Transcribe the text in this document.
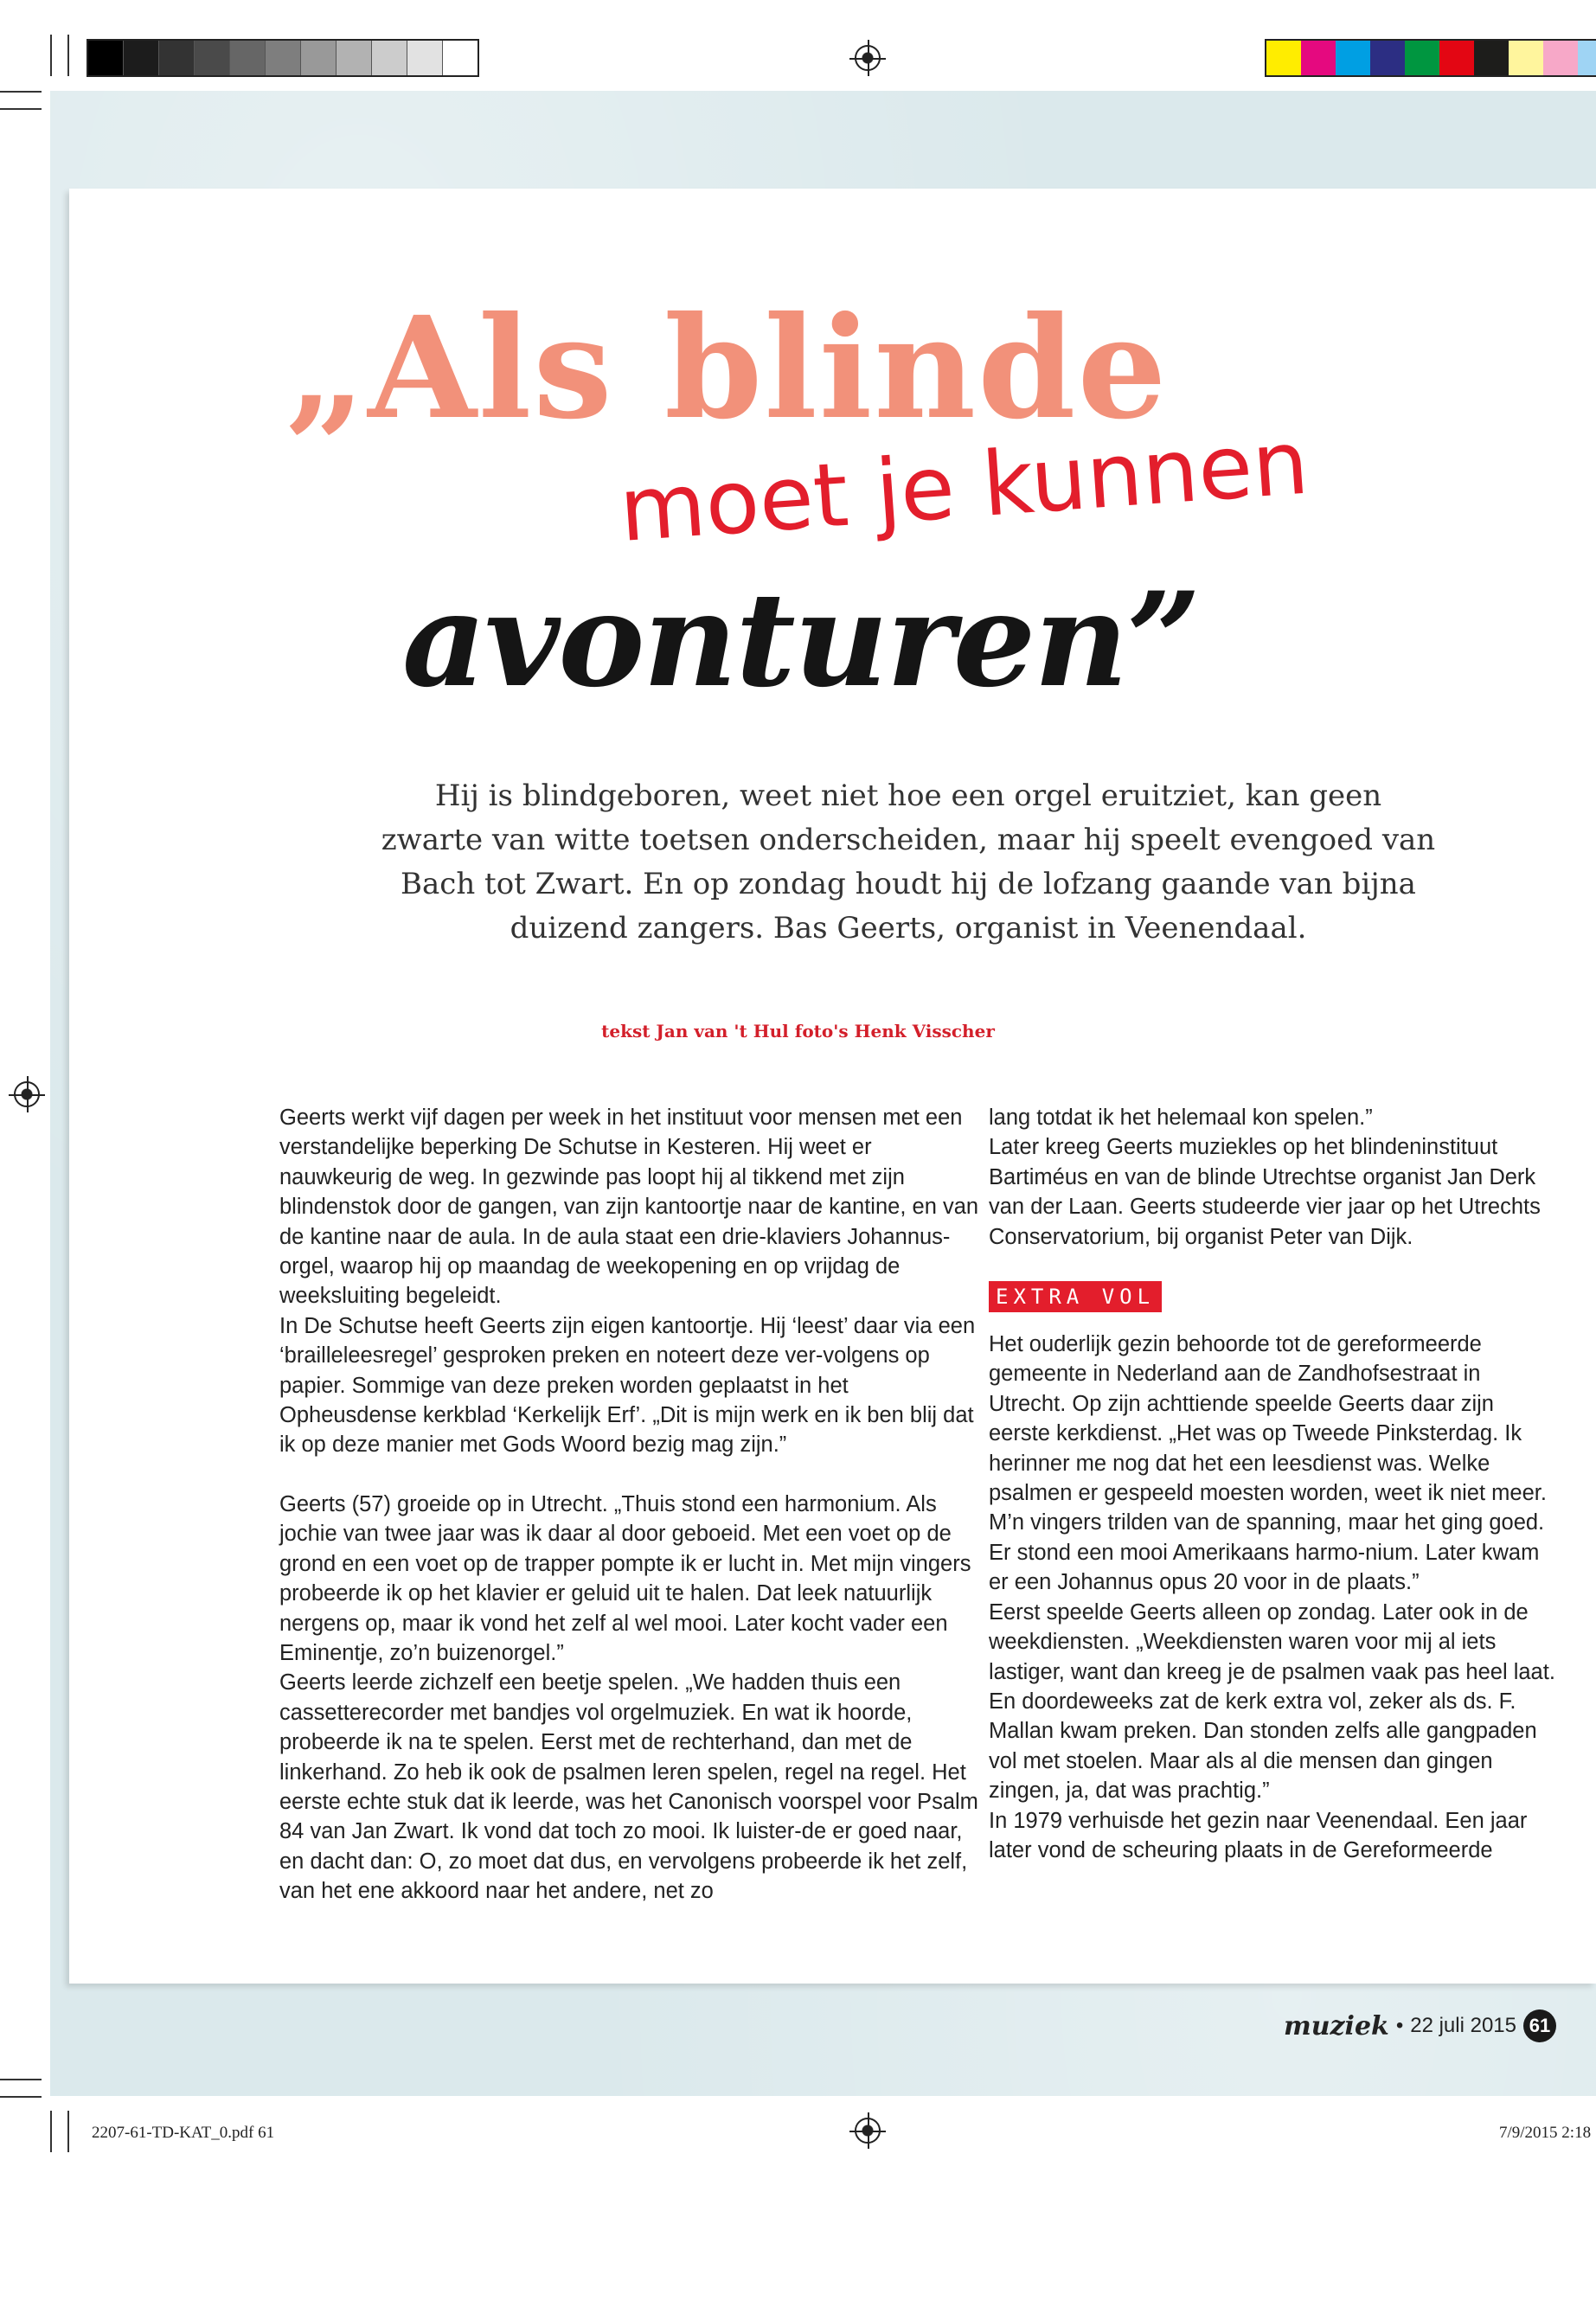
„Als blinde
moet je kunnen
avonturen”

Hij is blindgeboren, weet niet hoe een orgel eruitziet, kan geen zwarte van witte toetsen onderscheiden, maar hij speelt evengoed van Bach tot Zwart. En op zondag houdt hij de lofzang gaande van bijna duizend zangers. Bas Geerts, organist in Veenendaal.

tekst Jan van 't Hul foto's Henk Visscher

Geerts werkt vijf dagen per week in het instituut voor mensen met een verstandelijke beperking De Schutse in Kesteren. Hij weet er nauwkeurig de weg. In gezwinde pas loopt hij al tikkend met zijn blindenstok door de gangen, van zijn kantoortje naar de kantine, en van de kantine naar de aula. In de aula staat een drie-klaviers Johannus-orgel, waarop hij op maandag de weekopening en op vrijdag de weeksluiting begeleidt.

In De Schutse heeft Geerts zijn eigen kantoortje. Hij ‘leest’ daar via een ‘brailleleesregel’ gesproken preken en noteert deze ver-volgens op papier. Sommige van deze preken worden geplaatst in het Opheusdense kerkblad ‘Kerkelijk Erf’. „Dit is mijn werk en ik ben blij dat ik op deze manier met Gods Woord bezig mag zijn.”

Geerts (57) groeide op in Utrecht. „Thuis stond een harmonium. Als jochie van twee jaar was ik daar al door geboeid. Met een voet op de grond en een voet op de trapper pompte ik er lucht in. Met mijn vingers probeerde ik op het klavier er geluid uit te halen. Dat leek natuurlijk nergens op, maar ik vond het zelf al wel mooi. Later kocht vader een Eminentje, zo’n buizenorgel.”

Geerts leerde zichzelf een beetje spelen. „We hadden thuis een cassetterecorder met bandjes vol orgelmuziek. En wat ik hoorde, probeerde ik na te spelen. Eerst met de rechterhand, dan met de linkerhand. Zo heb ik ook de psalmen leren spelen, regel na regel. Het eerste echte stuk dat ik leerde, was het Canonisch voorspel voor Psalm 84 van Jan Zwart. Ik vond dat toch zo mooi. Ik luister-de er goed naar, en dacht dan: O, zo moet dat dus, en vervolgens probeerde ik het zelf, van het ene akkoord naar het andere, net zo

lang totdat ik het helemaal kon spelen.”

Later kreeg Geerts muziekles op het blindeninstituut Bartiméus en van de blinde Utrechtse organist Jan Derk van der Laan. Geerts studeerde vier jaar op het Utrechts Conservatorium, bij organist Peter van Dijk.

EXTRA VOL

Het ouderlijk gezin behoorde tot de gereformeerde gemeente in Nederland aan de Zandhofsestraat in Utrecht. Op zijn achttiende speelde Geerts daar zijn eerste kerkdienst. „Het was op Tweede Pinksterdag. Ik herinner me nog dat het een leesdienst was. Welke psalmen er gespeeld moesten worden, weet ik niet meer. M’n vingers trilden van de spanning, maar het ging goed. Er stond een mooi Amerikaans harmo-nium. Later kwam er een Johannus opus 20 voor in de plaats.”

Eerst speelde Geerts alleen op zondag. Later ook in de weekdiensten. „Weekdiensten waren voor mij al iets lastiger, want dan kreeg je de psalmen vaak pas heel laat. En doordeweeks zat de kerk extra vol, zeker als ds. F. Mallan kwam preken. Dan stonden zelfs alle gangpaden vol met stoelen. Maar als al die mensen dan gingen zingen, ja, dat was prachtig.”

In 1979 verhuisde het gezin naar Veenendaal. Een jaar later vond de scheuring plaats in de Gereformeerde

muziek • 22 juli 2015 61
2207-61-TD-KAT_0.pdf 61	7/9/2015 2:18
